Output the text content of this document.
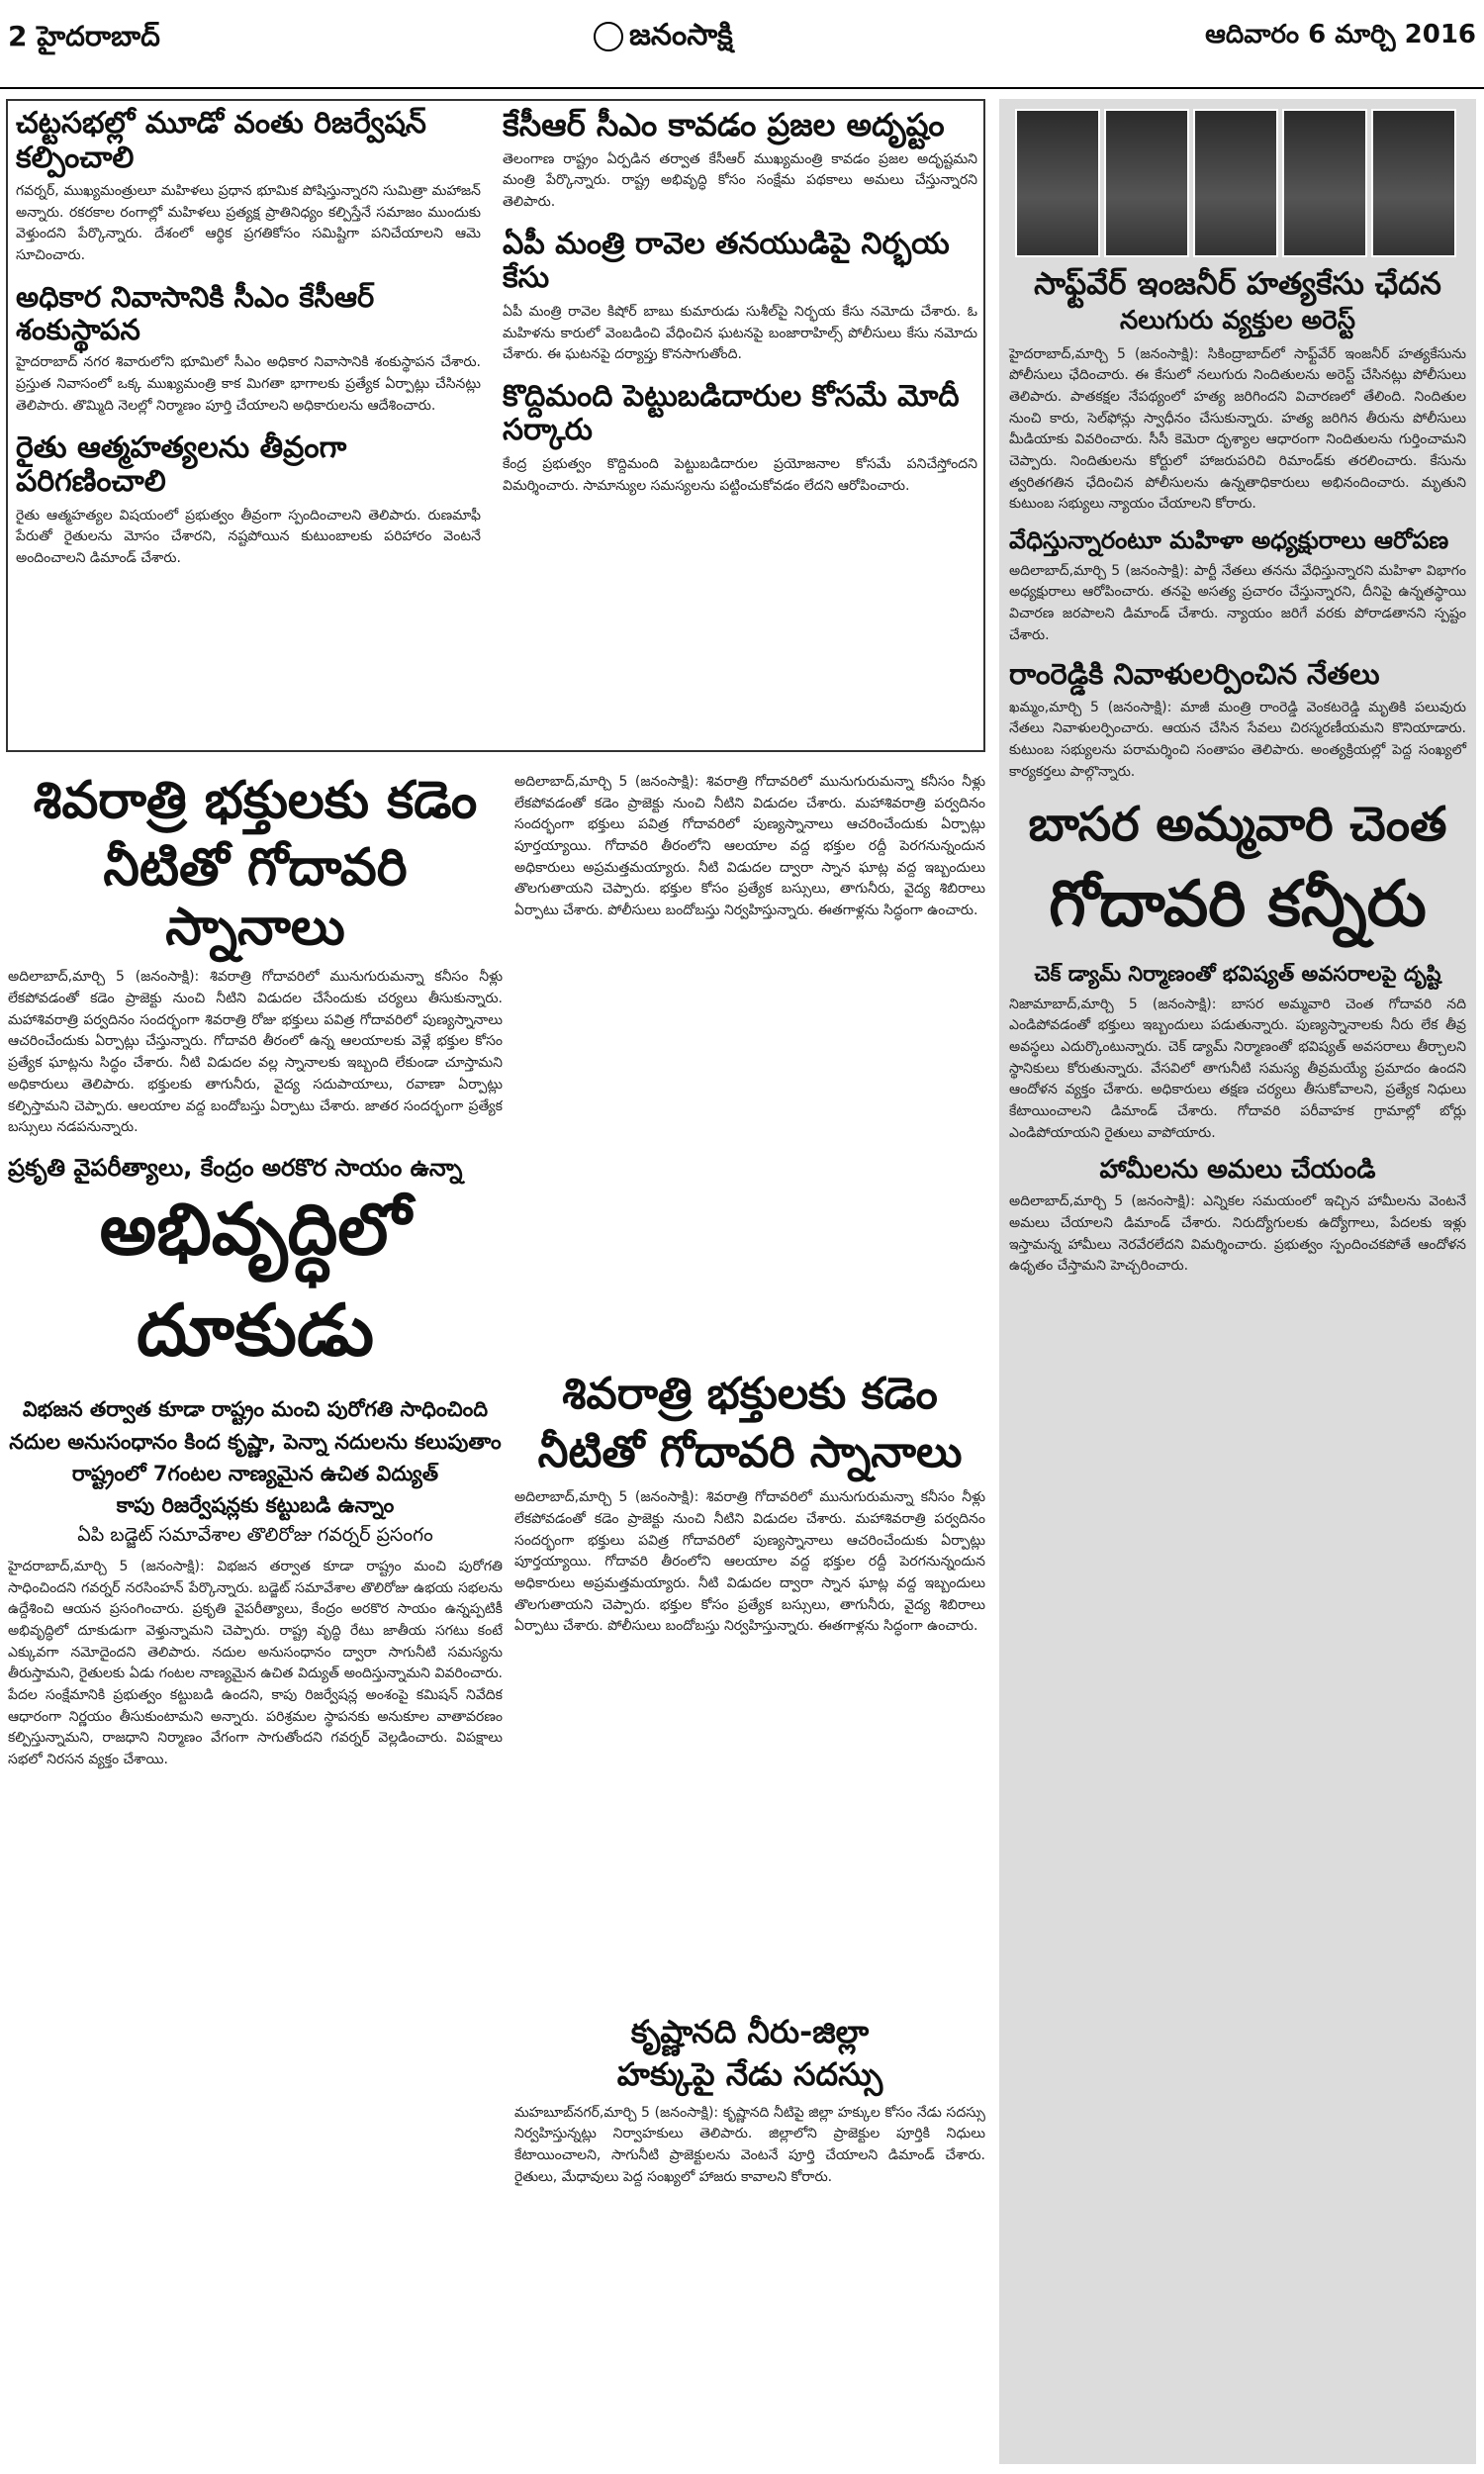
2 హైదరాబాద్	జనంసాక్షి	ఆదివారం 6 మార్చి 2016
చట్టసభల్లో మూడో వంతు రిజర్వేషన్ కల్పించాలి
గవర్నర్, ముఖ్యమంత్రులూ మహిళలు ప్రధాన భూమిక పోషిస్తున్నారని సుమిత్రా మహాజన్ అన్నారు. రకరకాల రంగాల్లో మహిళలు ప్రత్యక్ష ప్రాతినిధ్యం కల్పిస్తేనే సమాజం ముందుకు వెళ్తుందని పేర్కొన్నారు. దేశంలో ఆర్థిక ప్రగతికోసం సమిష్టిగా పనిచేయాలని ఆమె సూచించారు.
అధికార నివాసానికి సీఎం కేసీఆర్ శంకుస్థాపన
హైదరాబాద్ నగర శివారులోని భూమిలో సీఎం అధికార నివాసానికి శంకుస్థాపన చేశారు. ప్రస్తుత నివాసంలో ఒక్క ముఖ్యమంత్రి కాక మిగతా భాగాలకు ప్రత్యేక ఏర్పాట్లు చేసినట్లు తెలిపారు. తొమ్మిది నెలల్లో నిర్మాణం పూర్తి చేయాలని అధికారులను ఆదేశించారు.
రైతు ఆత్మహత్యలను తీవ్రంగా పరిగణించాలి
రైతు ఆత్మహత్యల విషయంలో ప్రభుత్వం తీవ్రంగా స్పందించాలని తెలిపారు. రుణమాఫీ పేరుతో రైతులను మోసం చేశారని, నష్టపోయిన కుటుంబాలకు పరిహారం వెంటనే అందించాలని డిమాండ్ చేశారు.
కేసీఆర్ సీఎం కావడం ప్రజల అదృష్టం
తెలంగాణ రాష్ట్రం ఏర్పడిన తర్వాత కేసీఆర్ ముఖ్యమంత్రి కావడం ప్రజల అదృష్టమని మంత్రి పేర్కొన్నారు. రాష్ట్ర అభివృద్ధి కోసం సంక్షేమ పథకాలు అమలు చేస్తున్నారని తెలిపారు.
ఏపీ మంత్రి రావెల తనయుడిపై నిర్భయ కేసు
ఏపీ మంత్రి రావెల కిషోర్ బాబు కుమారుడు సుశీల్‌పై నిర్భయ కేసు నమోదు చేశారు. ఓ మహిళను కారులో వెంబడించి వేధించిన ఘటనపై బంజారాహిల్స్ పోలీసులు కేసు నమోదు చేశారు. ఈ ఘటనపై దర్యాప్తు కొనసాగుతోంది.
కొద్దిమంది పెట్టుబడిదారుల కోసమే మోదీ సర్కారు
కేంద్ర ప్రభుత్వం కొద్దిమంది పెట్టుబడిదారుల ప్రయోజనాల కోసమే పనిచేస్తోందని విమర్శించారు. సామాన్యుల సమస్యలను పట్టించుకోవడం లేదని ఆరోపించారు.
శివరాత్రి భక్తులకు కడెం
నీటితో గోదావరి స్నానాలు
అదిలాబాద్,మార్చి 5 (జనంసాక్షి): శివరాత్రి గోదావరిలో మునుగురుమన్నా కనీసం నీళ్లు లేకపోవడంతో కడెం ప్రాజెక్టు నుంచి నీటిని విడుదల చేసేందుకు చర్యలు తీసుకున్నారు. మహాశివరాత్రి పర్వదినం సందర్భంగా శివరాత్రి రోజు భక్తులు పవిత్ర గోదావరిలో పుణ్యస్నానాలు ఆచరించేందుకు ఏర్పాట్లు చేస్తున్నారు. గోదావరి తీరంలో ఉన్న ఆలయాలకు వెళ్లే భక్తుల కోసం ప్రత్యేక ఘాట్లను సిద్ధం చేశారు. నీటి విడుదల వల్ల స్నానాలకు ఇబ్బంది లేకుండా చూస్తామని అధికారులు తెలిపారు. భక్తులకు తాగునీరు, వైద్య సదుపాయాలు, రవాణా ఏర్పాట్లు కల్పిస్తామని చెప్పారు. ఆలయాల వద్ద బందోబస్తు ఏర్పాటు చేశారు. జాతర సందర్భంగా ప్రత్యేక బస్సులు నడపనున్నారు.
ప్రకృతి వైపరీత్యాలు, కేంద్రం అరకొర సాయం ఉన్నా
అభివృద్ధిలో దూకుడు
విభజన తర్వాత కూడా రాష్ట్రం మంచి పురోగతి సాధించింది
నదుల అనుసంధానం కింద కృష్ణా, పెన్నా నదులను కలుపుతాం
రాష్ట్రంలో 7గంటల నాణ్యమైన ఉచిత విద్యుత్
కాపు రిజర్వేషన్లకు కట్టుబడి ఉన్నాం
ఏపి బడ్జెట్ సమావేశాల తొలిరోజు గవర్నర్ ప్రసంగం
హైదరాబాద్,మార్చి 5 (జనంసాక్షి): విభజన తర్వాత కూడా రాష్ట్రం మంచి పురోగతి సాధించిందని గవర్నర్ నరసింహన్ పేర్కొన్నారు. బడ్జెట్ సమావేశాల తొలిరోజు ఉభయ సభలను ఉద్దేశించి ఆయన ప్రసంగించారు. ప్రకృతి వైపరీత్యాలు, కేంద్రం అరకొర సాయం ఉన్నప్పటికీ అభివృద్ధిలో దూకుడుగా వెళ్తున్నామని చెప్పారు. రాష్ట్ర వృద్ధి రేటు జాతీయ సగటు కంటే ఎక్కువగా నమోదైందని తెలిపారు. నదుల అనుసంధానం ద్వారా సాగునీటి సమస్యను తీరుస్తామని, రైతులకు ఏడు గంటల నాణ్యమైన ఉచిత విద్యుత్ అందిస్తున్నామని వివరించారు. పేదల సంక్షేమానికి ప్రభుత్వం కట్టుబడి ఉందని, కాపు రిజర్వేషన్ల అంశంపై కమిషన్ నివేదిక ఆధారంగా నిర్ణయం తీసుకుంటామని అన్నారు. పరిశ్రమల స్థాపనకు అనుకూల వాతావరణం కల్పిస్తున్నామని, రాజధాని నిర్మాణం వేగంగా సాగుతోందని గవర్నర్ వెల్లడించారు. విపక్షాలు సభలో నిరసన వ్యక్తం చేశాయి.
అదిలాబాద్,మార్చి 5 (జనంసాక్షి): శివరాత్రి గోదావరిలో మునుగురుమన్నా కనీసం నీళ్లు లేకపోవడంతో కడెం ప్రాజెక్టు నుంచి నీటిని విడుదల చేశారు. మహాశివరాత్రి పర్వదినం సందర్భంగా భక్తులు పవిత్ర గోదావరిలో పుణ్యస్నానాలు ఆచరించేందుకు ఏర్పాట్లు పూర్తయ్యాయి. గోదావరి తీరంలోని ఆలయాల వద్ద భక్తుల రద్దీ పెరగనున్నందున అధికారులు అప్రమత్తమయ్యారు. నీటి విడుదల ద్వారా స్నాన ఘాట్ల వద్ద ఇబ్బందులు తొలగుతాయని చెప్పారు. భక్తుల కోసం ప్రత్యేక బస్సులు, తాగునీరు, వైద్య శిబిరాలు ఏర్పాటు చేశారు. పోలీసులు బందోబస్తు నిర్వహిస్తున్నారు. ఈతగాళ్లను సిద్ధంగా ఉంచారు.
శివరాత్రి భక్తులకు కడెం
నీటితో గోదావరి స్నానాలు
అదిలాబాద్,మార్చి 5 (జనంసాక్షి): శివరాత్రి గోదావరిలో మునుగురుమన్నా కనీసం నీళ్లు లేకపోవడంతో కడెం ప్రాజెక్టు నుంచి నీటిని విడుదల చేశారు. మహాశివరాత్రి పర్వదినం సందర్భంగా భక్తులు పవిత్ర గోదావరిలో పుణ్యస్నానాలు ఆచరించేందుకు ఏర్పాట్లు పూర్తయ్యాయి. గోదావరి తీరంలోని ఆలయాల వద్ద భక్తుల రద్దీ పెరగనున్నందున అధికారులు అప్రమత్తమయ్యారు. నీటి విడుదల ద్వారా స్నాన ఘాట్ల వద్ద ఇబ్బందులు తొలగుతాయని చెప్పారు. భక్తుల కోసం ప్రత్యేక బస్సులు, తాగునీరు, వైద్య శిబిరాలు ఏర్పాటు చేశారు. పోలీసులు బందోబస్తు నిర్వహిస్తున్నారు. ఈతగాళ్లను సిద్ధంగా ఉంచారు.
కృష్ణానది నీరు-జిల్లా
హక్కుపై నేడు సదస్సు
మహబూబ్‌నగర్,మార్చి 5 (జనంసాక్షి): కృష్ణానది నీటిపై జిల్లా హక్కుల కోసం నేడు సదస్సు నిర్వహిస్తున్నట్లు నిర్వాహకులు తెలిపారు. జిల్లాలోని ప్రాజెక్టుల పూర్తికి నిధులు కేటాయించాలని, సాగునీటి ప్రాజెక్టులను వెంటనే పూర్తి చేయాలని డిమాండ్ చేశారు. రైతులు, మేధావులు పెద్ద సంఖ్యలో హాజరు కావాలని కోరారు.
సాఫ్ట్‌వేర్ ఇంజనీర్ హత్యకేసు ఛేదన
నలుగురు వ్యక్తుల అరెస్ట్
హైదరాబాద్,మార్చి 5 (జనంసాక్షి): సికింద్రాబాద్‌లో సాఫ్ట్‌వేర్ ఇంజనీర్ హత్యకేసును పోలీసులు ఛేదించారు. ఈ కేసులో నలుగురు నిందితులను అరెస్ట్ చేసినట్లు పోలీసులు తెలిపారు. పాతకక్షల నేపథ్యంలో హత్య జరిగిందని విచారణలో తేలింది. నిందితుల నుంచి కారు, సెల్‌ఫోన్లు స్వాధీనం చేసుకున్నారు. హత్య జరిగిన తీరును పోలీసులు మీడియాకు వివరించారు. సీసీ కెమెరా దృశ్యాల ఆధారంగా నిందితులను గుర్తించామని చెప్పారు. నిందితులను కోర్టులో హాజరుపరిచి రిమాండ్‌కు తరలించారు. కేసును త్వరితగతిన ఛేదించిన పోలీసులను ఉన్నతాధికారులు అభినందించారు. మృతుని కుటుంబ సభ్యులు న్యాయం చేయాలని కోరారు.
వేధిస్తున్నారంటూ మహిళా అధ్యక్షురాలు ఆరోపణ
అదిలాబాద్,మార్చి 5 (జనంసాక్షి): పార్టీ నేతలు తనను వేధిస్తున్నారని మహిళా విభాగం అధ్యక్షురాలు ఆరోపించారు. తనపై అసత్య ప్రచారం చేస్తున్నారని, దీనిపై ఉన్నతస్థాయి విచారణ జరపాలని డిమాండ్ చేశారు. న్యాయం జరిగే వరకు పోరాడతానని స్పష్టం చేశారు.
రాంరెడ్డికి నివాళులర్పించిన నేతలు
ఖమ్మం,మార్చి 5 (జనంసాక్షి): మాజీ మంత్రి రాంరెడ్డి వెంకటరెడ్డి మృతికి పలువురు నేతలు నివాళులర్పించారు. ఆయన చేసిన సేవలు చిరస్మరణీయమని కొనియాడారు. కుటుంబ సభ్యులను పరామర్శించి సంతాపం తెలిపారు. అంత్యక్రియల్లో పెద్ద సంఖ్యలో కార్యకర్తలు పాల్గొన్నారు.
బాసర అమ్మవారి చెంత
గోదావరి కన్నీరు
చెక్ డ్యామ్ నిర్మాణంతో భవిష్యత్ అవసరాలపై దృష్టి
నిజామాబాద్,మార్చి 5 (జనంసాక్షి): బాసర అమ్మవారి చెంత గోదావరి నది ఎండిపోవడంతో భక్తులు ఇబ్బందులు పడుతున్నారు. పుణ్యస్నానాలకు నీరు లేక తీవ్ర అవస్థలు ఎదుర్కొంటున్నారు. చెక్ డ్యామ్ నిర్మాణంతో భవిష్యత్ అవసరాలు తీర్చాలని స్థానికులు కోరుతున్నారు. వేసవిలో తాగునీటి సమస్య తీవ్రమయ్యే ప్రమాదం ఉందని ఆందోళన వ్యక్తం చేశారు. అధికారులు తక్షణ చర్యలు తీసుకోవాలని, ప్రత్యేక నిధులు కేటాయించాలని డిమాండ్ చేశారు. గోదావరి పరీవాహక గ్రామాల్లో బోర్లు ఎండిపోయాయని రైతులు వాపోయారు.
హామీలను అమలు చేయండి
అదిలాబాద్,మార్చి 5 (జనంసాక్షి): ఎన్నికల సమయంలో ఇచ్చిన హామీలను వెంటనే అమలు చేయాలని డిమాండ్ చేశారు. నిరుద్యోగులకు ఉద్యోగాలు, పేదలకు ఇళ్లు ఇస్తామన్న హామీలు నెరవేరలేదని విమర్శించారు. ప్రభుత్వం స్పందించకపోతే ఆందోళన ఉధృతం చేస్తామని హెచ్చరించారు.
